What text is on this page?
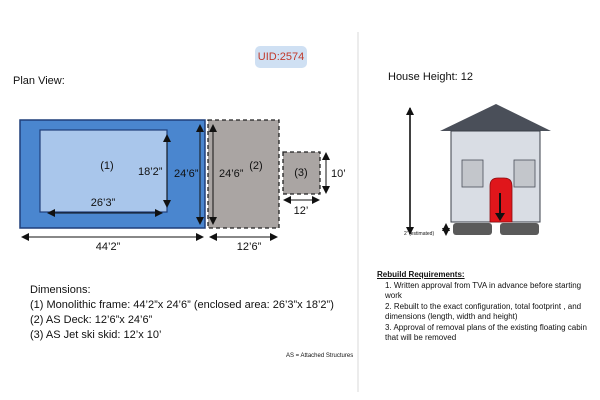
(1) 18’2”
26’3”
24’6”
44’2”
24’6”
(2)
12’6”
(3) 10’
12’
2’ (estimated)
UID:2574
Plan View:	House Height: 12
Dimensions:
(1) Monolithic frame: 44’2”x 24’6” (enclosed area: 26’3”x 18’2”)
(2) AS Deck: 12’6”x 24’6”
(3) AS Jet ski skid: 12’x 10’
Rebuild Requirements:
1. Written approval from TVA in advance before starting work
2. Rebuilt to the exact configuration, total footprint , and dimensions (length, width and height)
3. Approval of removal plans of the existing floating cabin that will be removed
AS = Attached Structures
